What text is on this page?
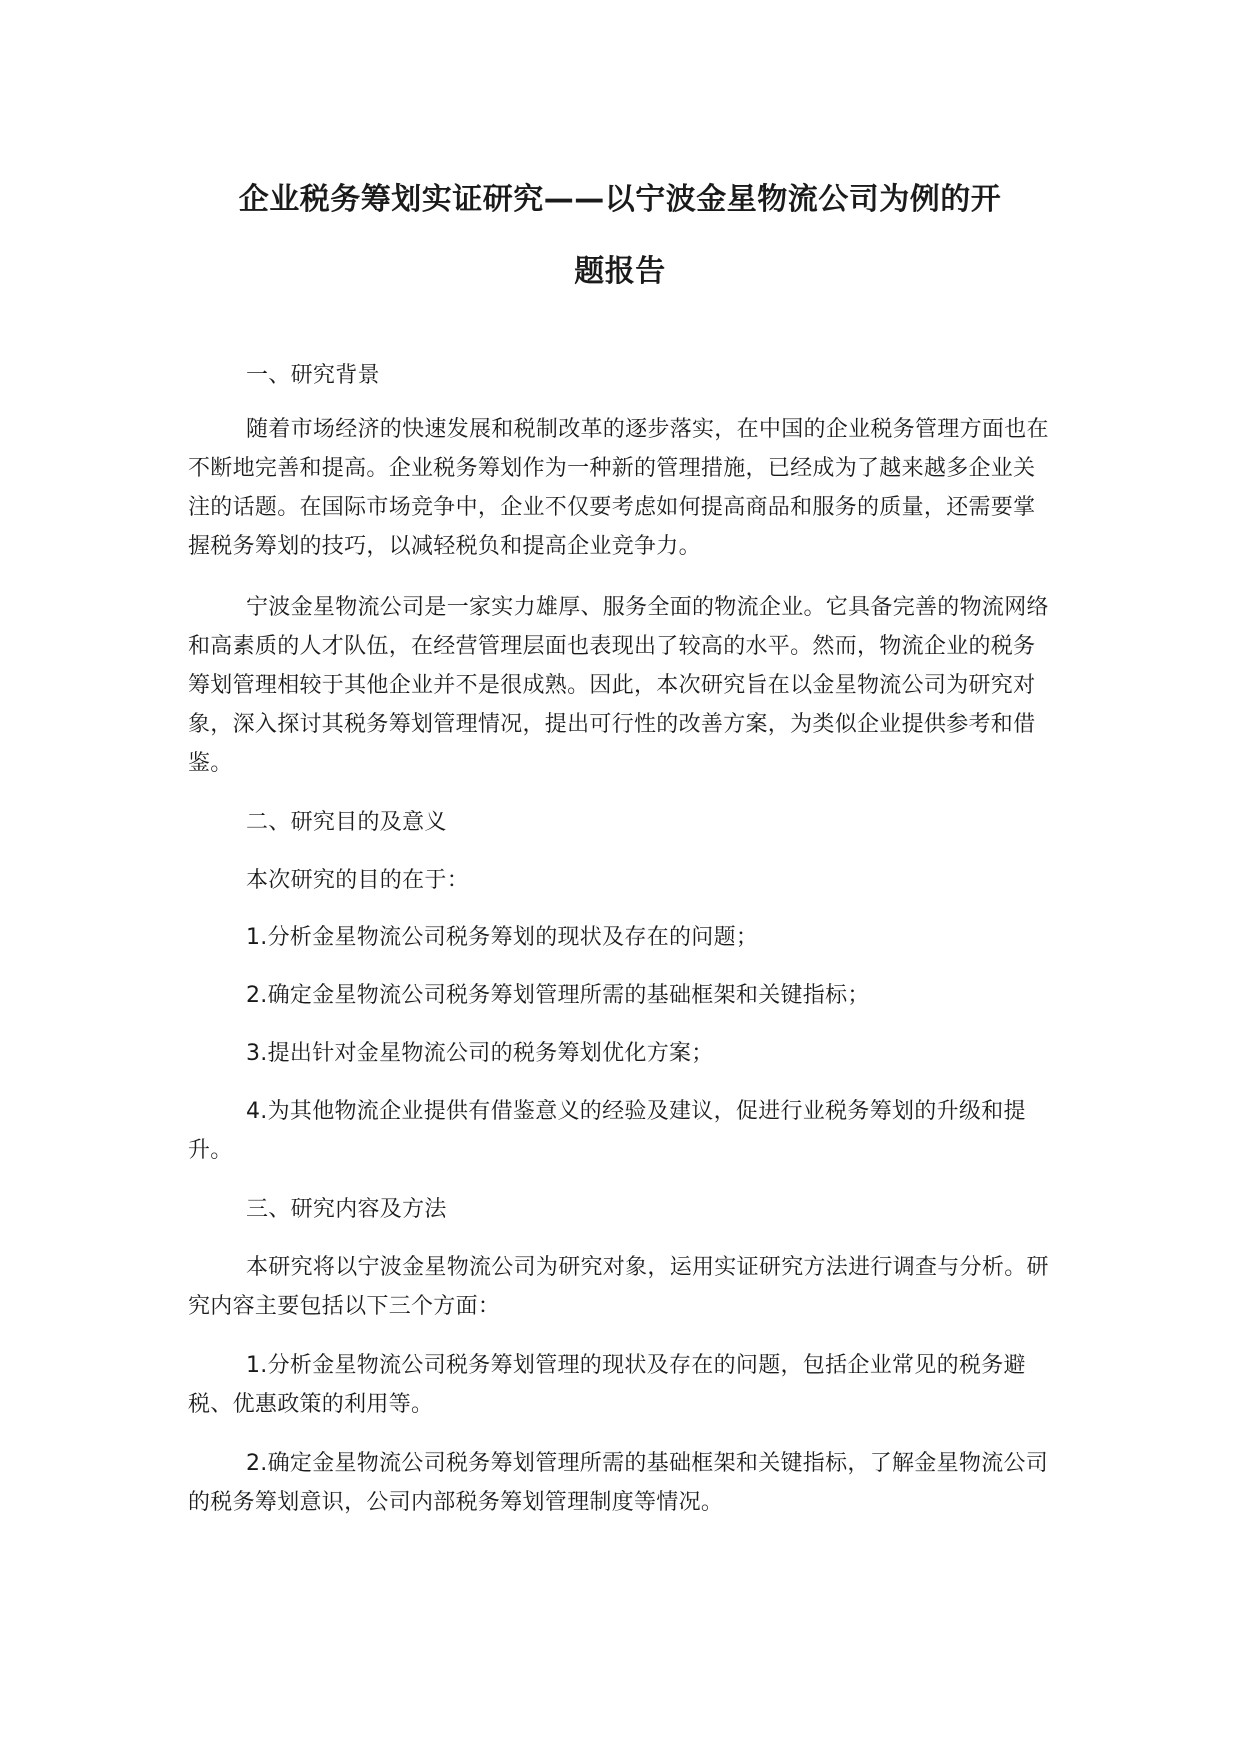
企业税务筹划实证研究——以宁波金星物流公司为例的开
题报告

一、研究背景

随着市场经济的快速发展和税制改革的逐步落实，在中国的企业税务管理方面也在不断地完善和提高。企业税务筹划作为一种新的管理措施，已经成为了越来越多企业关注的话题。在国际市场竞争中，企业不仅要考虑如何提高商品和服务的质量，还需要掌握税务筹划的技巧，以减轻税负和提高企业竞争力。

宁波金星物流公司是一家实力雄厚、服务全面的物流企业。它具备完善的物流网络和高素质的人才队伍，在经营管理层面也表现出了较高的水平。然而，物流企业的税务筹划管理相较于其他企业并不是很成熟。因此，本次研究旨在以金星物流公司为研究对象，深入探讨其税务筹划管理情况，提出可行性的改善方案，为类似企业提供参考和借鉴。

二、研究目的及意义

本次研究的目的在于：

1.分析金星物流公司税务筹划的现状及存在的问题；

2.确定金星物流公司税务筹划管理所需的基础框架和关键指标；

3.提出针对金星物流公司的税务筹划优化方案；

4.为其他物流企业提供有借鉴意义的经验及建议，促进行业税务筹划的升级和提升。

三、研究内容及方法

本研究将以宁波金星物流公司为研究对象，运用实证研究方法进行调查与分析。研究内容主要包括以下三个方面：

1.分析金星物流公司税务筹划管理的现状及存在的问题，包括企业常见的税务避税、优惠政策的利用等。

2.确定金星物流公司税务筹划管理所需的基础框架和关键指标，了解金星物流公司的税务筹划意识，公司内部税务筹划管理制度等情况。
